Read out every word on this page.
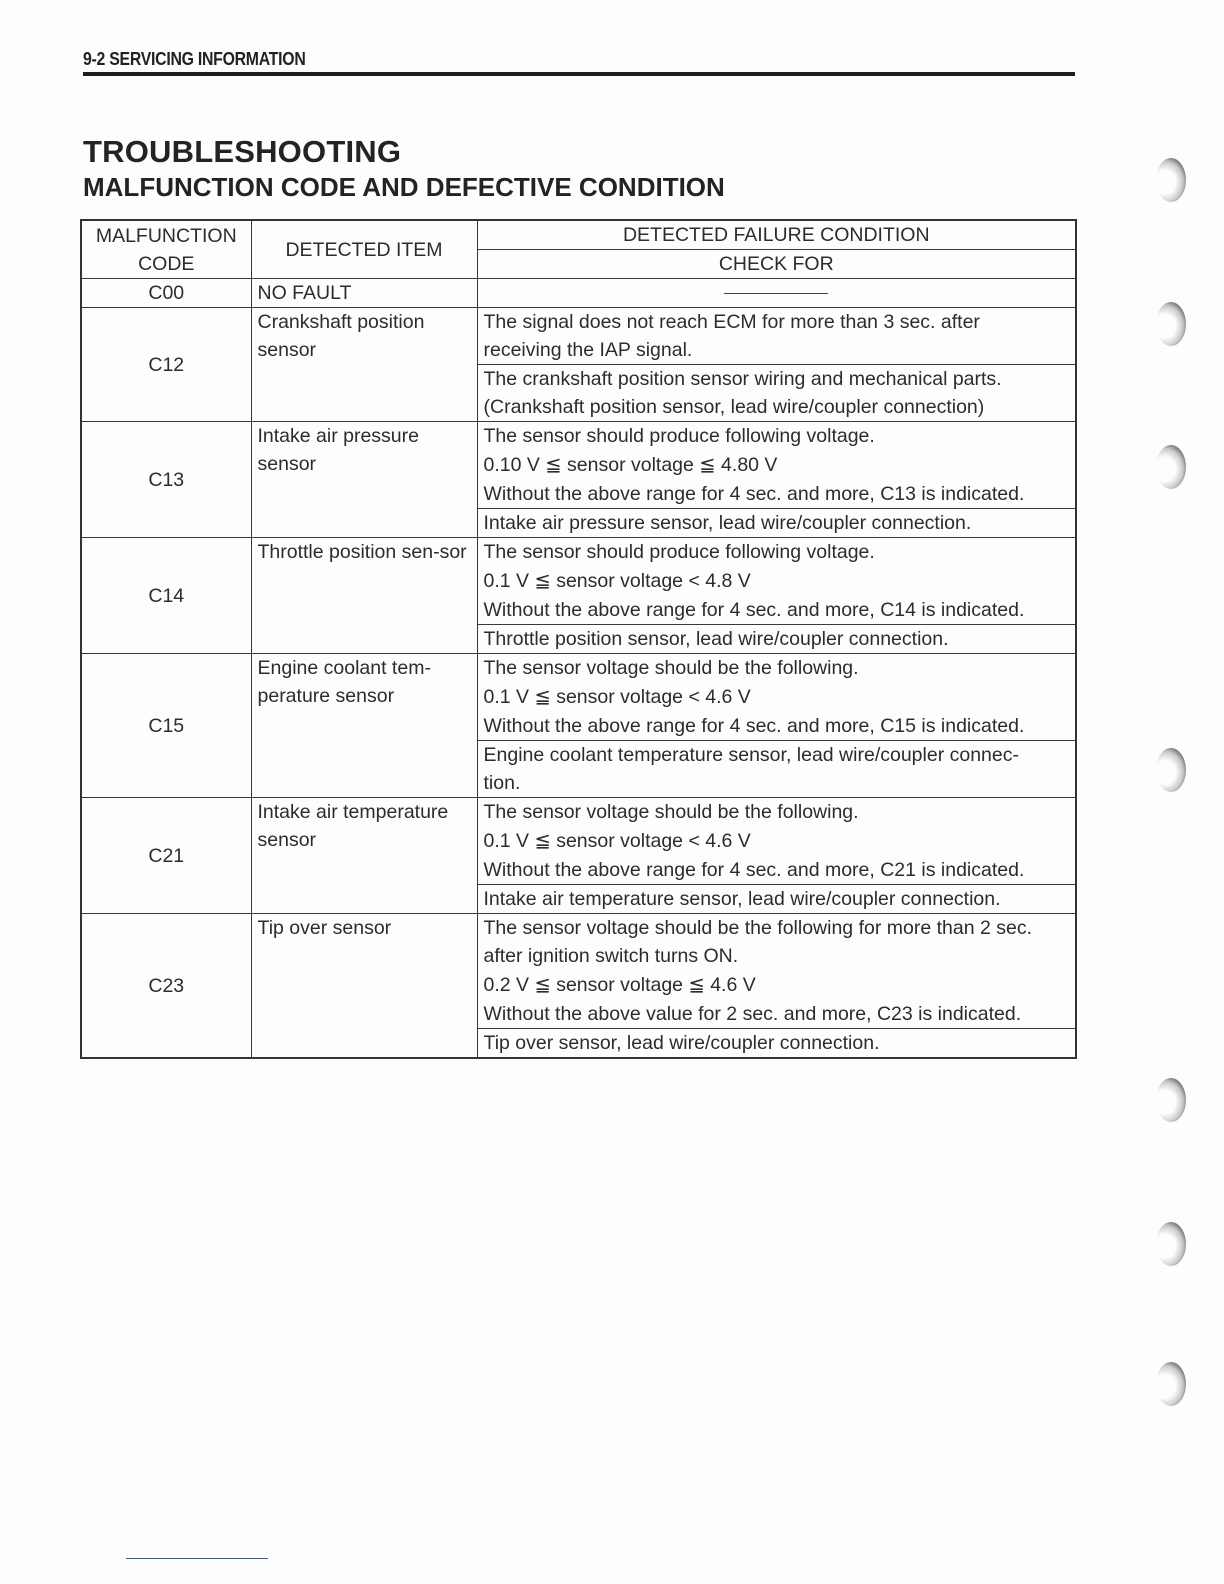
9-2 SERVICING INFORMATION
TROUBLESHOOTING
MALFUNCTION CODE AND DEFECTIVE CONDITION
MALFUNCTION
CODE	DETECTED ITEM	DETECTED FAILURE CONDITION
		CHECK FOR
C00	NO FAULT	
C12	Crankshaft position sensor	The signal does not reach ECM for more than 3 sec. after
receiving the IAP signal.

		The crankshaft position sensor wiring and mechanical parts.
(Crankshaft position sensor, lead wire/coupler connection)

C13	Intake air pressure sensor	The sensor should produce following voltage.
0.10 V ≦ sensor voltage ≦ 4.80 V
Without the above range for 4 sec. and more, C13 is indicated.

		Intake air pressure sensor, lead wire/coupler connection.

C14	Throttle position sen-sor	The sensor should produce following voltage.
0.1 V ≦ sensor voltage < 4.8 V
Without the above range for 4 sec. and more, C14 is indicated.

		Throttle position sensor, lead wire/coupler connection.

C15	Engine coolant tem-perature sensor	The sensor voltage should be the following.
0.1 V ≦ sensor voltage < 4.6 V
Without the above range for 4 sec. and more, C15 is indicated.

		Engine coolant temperature sensor, lead wire/coupler connec-
tion.

C21	Intake air temperature sensor	The sensor voltage should be the following.
0.1 V ≦ sensor voltage < 4.6 V
Without the above range for 4 sec. and more, C21 is indicated.

		Intake air temperature sensor, lead wire/coupler connection.

C23	Tip over sensor	The sensor voltage should be the following for more than 2 sec.
after ignition switch turns ON.
0.2 V ≦ sensor voltage ≦ 4.6 V
Without the above value for 2 sec. and more, C23 is indicated.

		Tip over sensor, lead wire/coupler connection.
